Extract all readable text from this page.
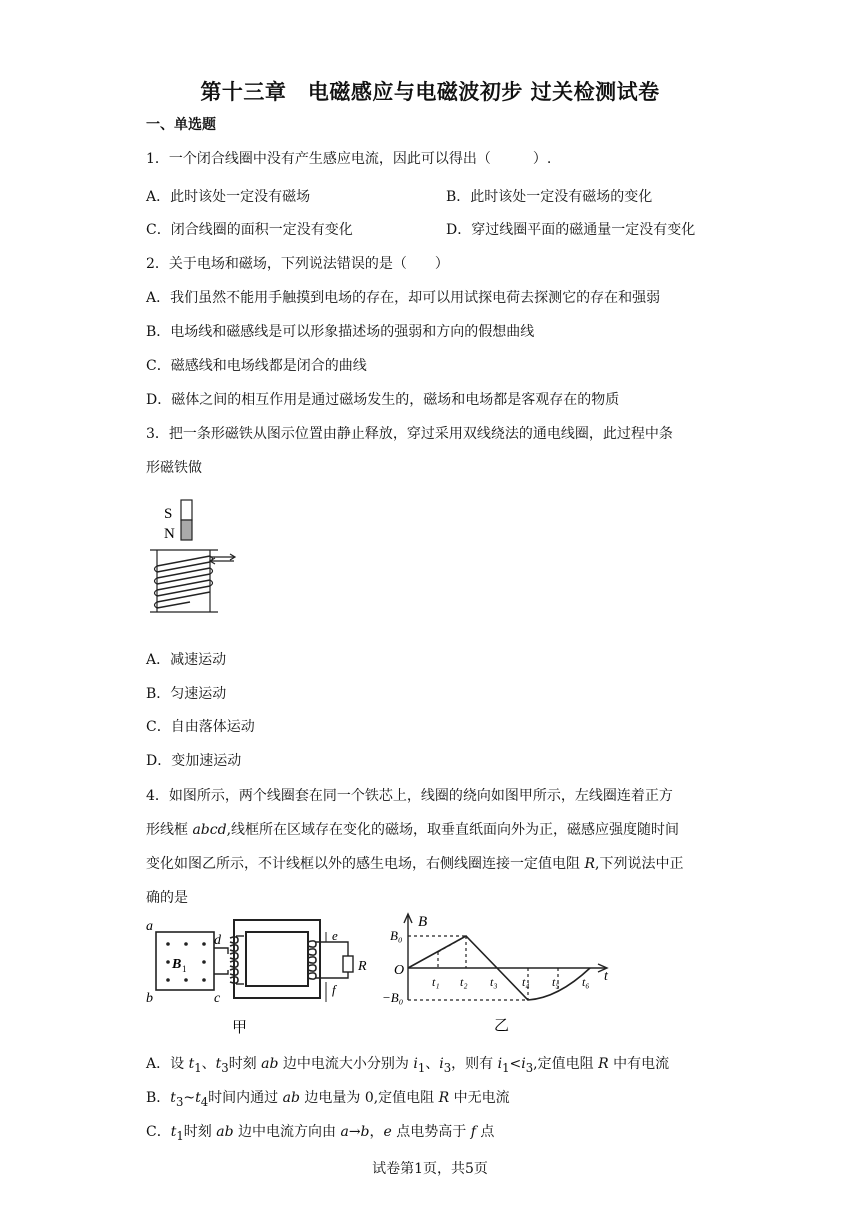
第十三章　电磁感应与电磁波初步 过关检测试卷
一、单选题
1．一个闭合线圈中没有产生感应电流，因此可以得出（　　　）.
A．此时该处一定没有磁场	B．此时该处一定没有磁场的变化
C．闭合线圈的面积一定没有变化	D．穿过线圈平面的磁通量一定没有变化
2．关于电场和磁场，下列说法错误的是（　　）
A．我们虽然不能用手触摸到电场的存在，却可以用试探电荷去探测它的存在和强弱
B．电场线和磁感线是可以形象描述场的强弱和方向的假想曲线
C．磁感线和电场线都是闭合的曲线
D．磁体之间的相互作用是通过磁场发生的，磁场和电场都是客观存在的物质
3．把一条形磁铁从图示位置由静止释放，穿过采用双线绕法的通电线圈，此过程中条
形磁铁做
S
N
A．减速运动
B．匀速运动
C．自由落体运动
D．变加速运动
4．如图所示，两个线圈套在同一个铁芯上，线圈的绕向如图甲所示，左线圈连着正方
形线框 abcd,线框所在区域存在变化的磁场，取垂直纸面向外为正，磁感应强度随时间
变化如图乙所示，不计线框以外的感生电场，右侧线圈连接一定值电阻 R,下列说法中正
确的是
B 1
a
b	c
d
R
e
f
甲
B
B₀
−B₀
O	t
t₁ t₂ t₃ t₄ t₅ t₆
乙
A．设 $t_1$、$t_3$时刻 ab 边中电流大小分别为 $i_1$、$i_3$，则有 $i_1<i_3$,定值电阻 R 中有电流
B．$t_3\sim t_4$时间内通过 ab 边电量为 0,定值电阻 R 中无电流
C．$t_1$时刻 ab 边中电流方向由 a→b，e 点电势高于 f 点
试卷第1页，共5页
